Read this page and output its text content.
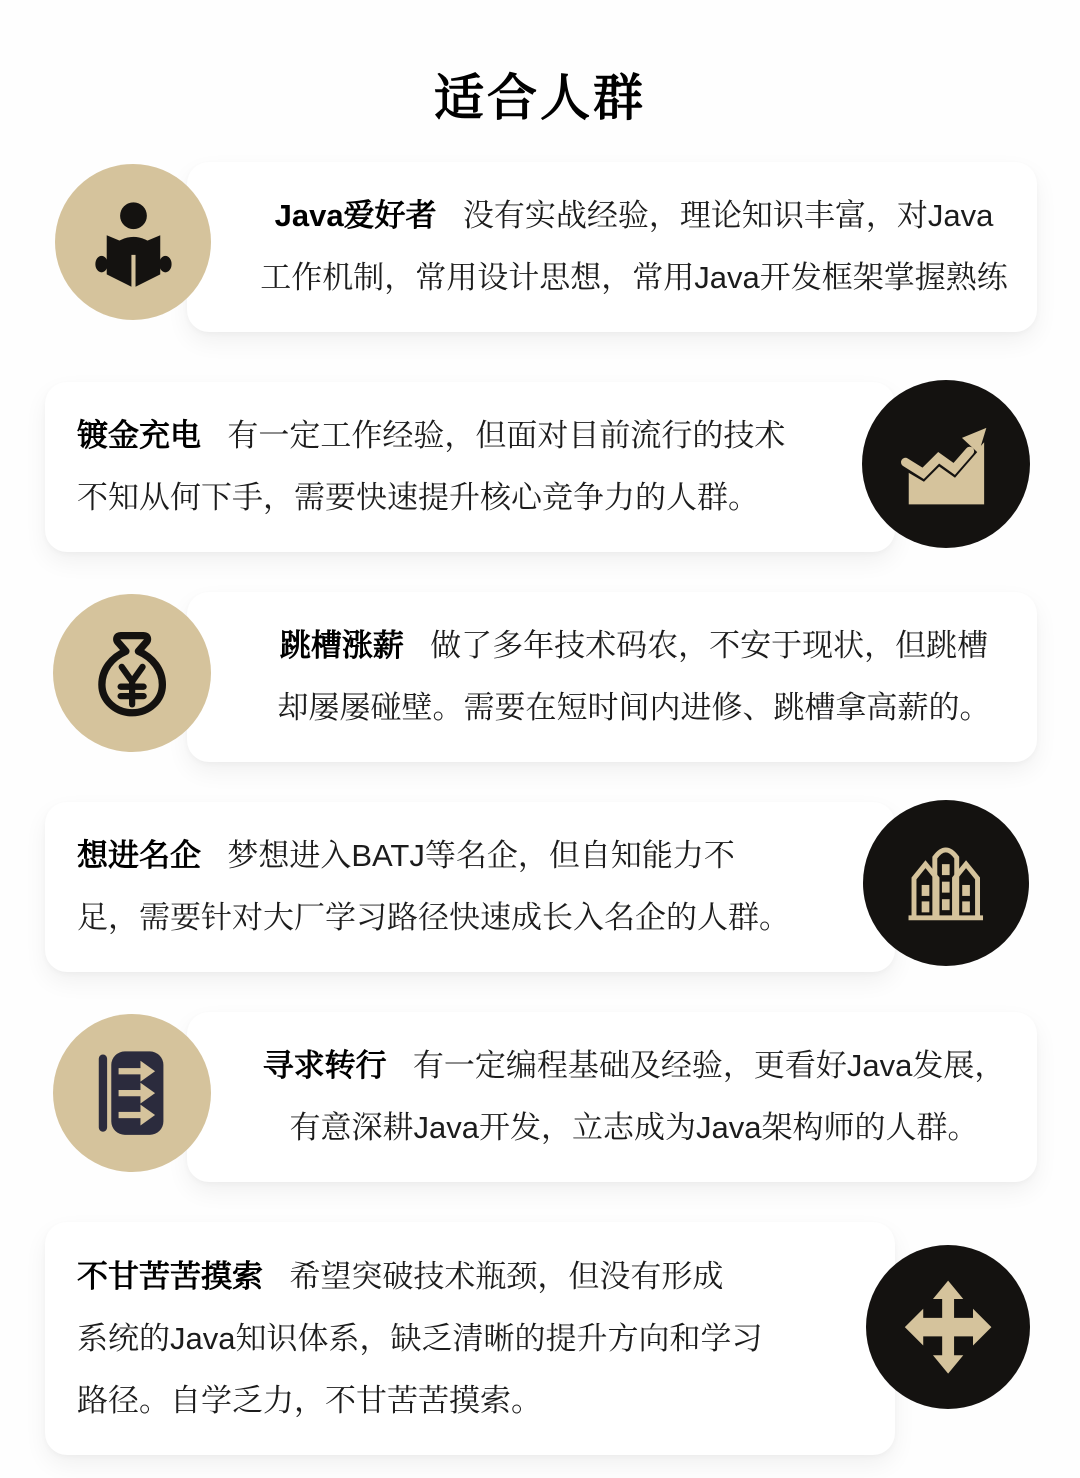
适合人群

Java爱好者 没有实战经验，理论知识丰富，对Java

工作机制，常用设计思想，常用Java开发框架掌握熟练

镀金充电 有一定工作经验，但面对目前流行的技术

不知从何下手，需要快速提升核心竞争力的人群。

跳槽涨薪 做了多年技术码农，不安于现状，但跳槽

却屡屡碰壁。需要在短时间内进修、跳槽拿高薪的。

想进名企 梦想进入BATJ等名企，但自知能力不

足，需要针对大厂学习路径快速成长入名企的人群。

寻求转行 有一定编程基础及经验，更看好Java发展，

有意深耕Java开发，立志成为Java架构师的人群。

不甘苦苦摸索 希望突破技术瓶颈，但没有形成

系统的Java知识体系，缺乏清晰的提升方向和学习

路径。自学乏力，不甘苦苦摸索。
